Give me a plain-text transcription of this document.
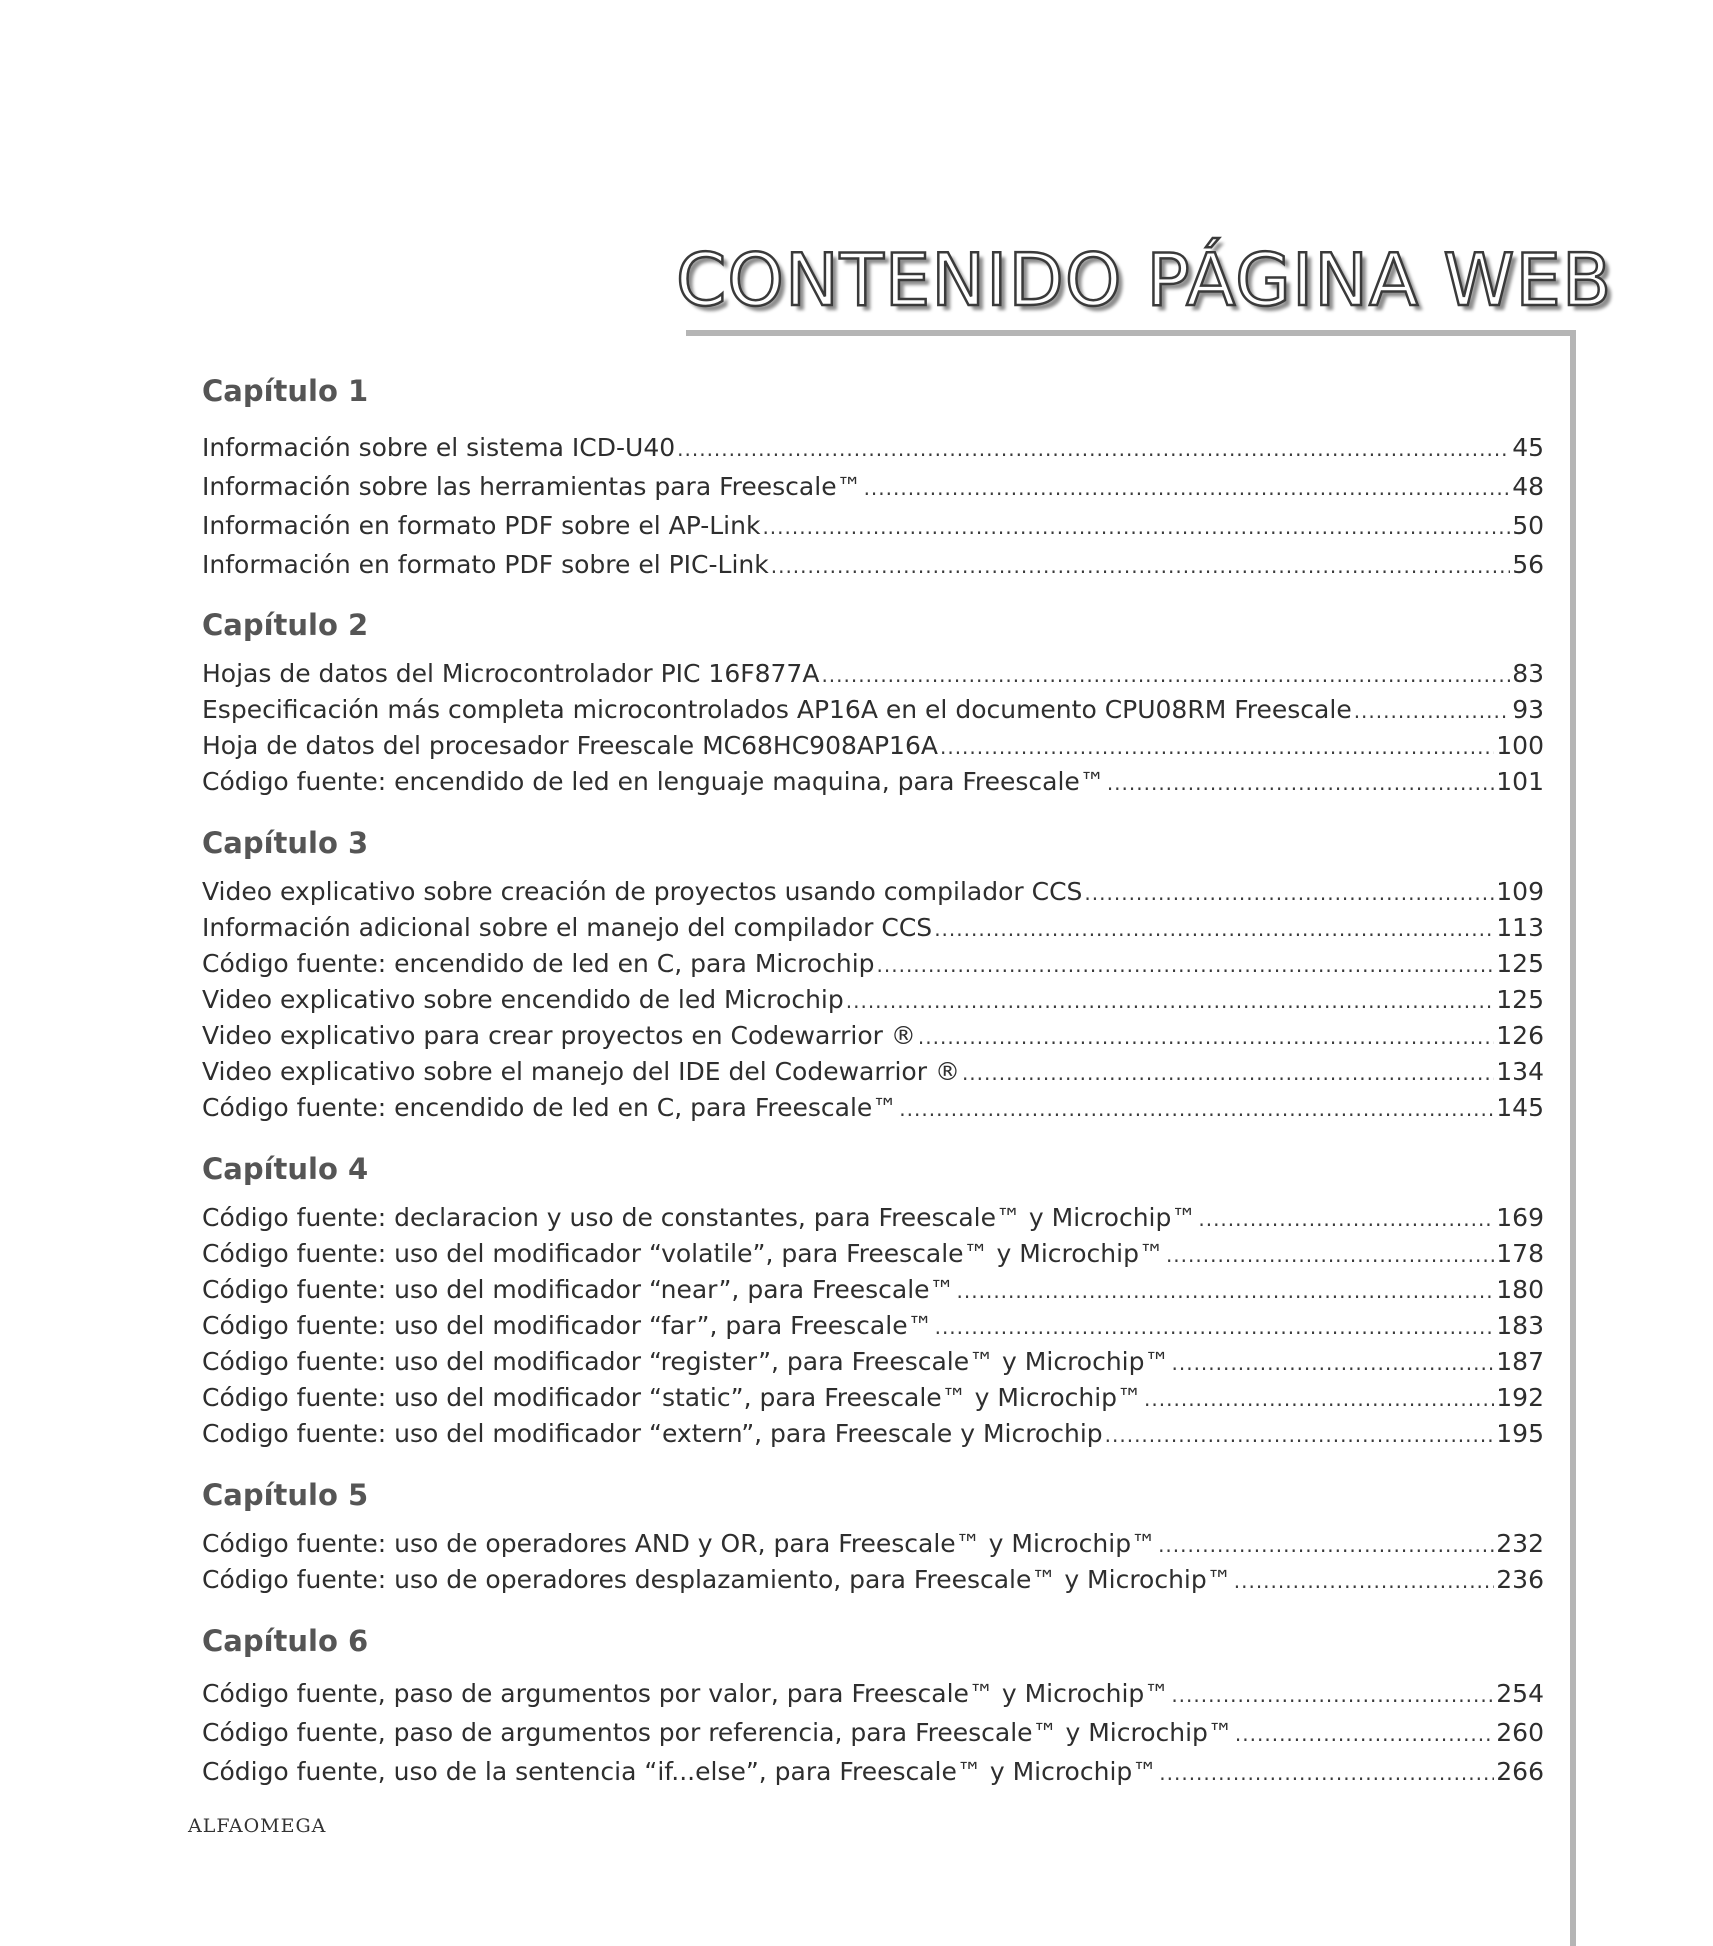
CONTENIDO PÁGINA WEB
Capítulo 1
Información sobre el sistema ICD-U40 .....	45
Información sobre las herramientas para Freescale™ .....	48
Información en formato PDF sobre el AP-Link .....	50
Información en formato PDF sobre el PIC-Link .....	56
Capítulo 2
Hojas de datos del Microcontrolador PIC 16F877A .....	83
Especificación más completa microcontrolados AP16A en el documento CPU08RM Freescale .....	93
Hoja de datos del procesador Freescale MC68HC908AP16A .....	100
Código fuente: encendido de led en lenguaje maquina, para Freescale™ .....	101
Capítulo 3
Video explicativo sobre creación de proyectos usando compilador CCS .....	109
Información adicional sobre el manejo del compilador CCS .....	113
Código fuente: encendido de led en C, para Microchip .....	125
Video explicativo sobre encendido de led Microchip .....	125
Video explicativo para crear proyectos en Codewarrior ® .....	126
Video explicativo sobre el manejo del IDE del Codewarrior ® .....	134
Código fuente: encendido de led en C, para Freescale™ .....	145
Capítulo 4
Código fuente: declaracion y uso de constantes, para Freescale™ y Microchip™ .....	169
Código fuente: uso del modificador “volatile”, para Freescale™ y Microchip™ .....	178
Código fuente: uso del modificador “near”, para Freescale™ .....	180
Código fuente: uso del modificador “far”, para Freescale™ .....	183
Código fuente: uso del modificador “register”, para Freescale™ y Microchip™ .....	187
Código fuente: uso del modificador “static”, para Freescale™ y Microchip™ .....	192
Codigo fuente: uso del modificador “extern”, para Freescale y Microchip .....	195
Capítulo 5
Código fuente: uso de operadores AND y OR, para Freescale™ y Microchip™ .....	232
Código fuente: uso de operadores desplazamiento, para Freescale™ y Microchip™ .....	236
Capítulo 6
Código fuente, paso de argumentos por valor, para Freescale™ y Microchip™ .....	254
Código fuente, paso de argumentos por referencia, para Freescale™ y Microchip™ .....	260
Código fuente, uso de la sentencia “if...else”, para Freescale™ y Microchip™ .....	266
ALFAOMEGA
